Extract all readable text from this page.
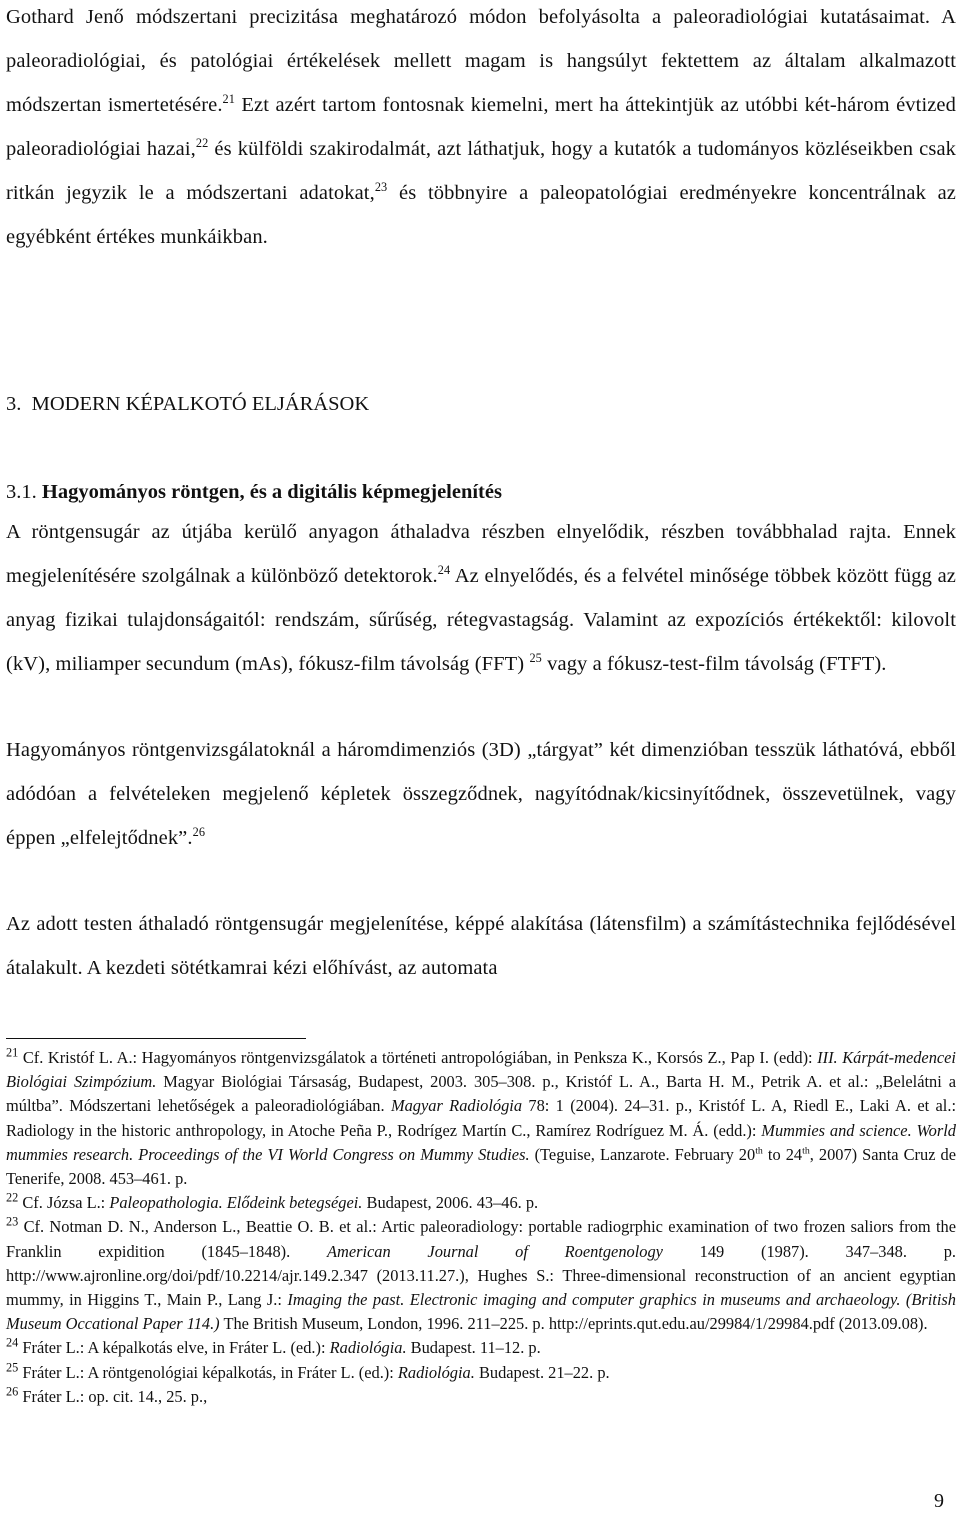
Gothard Jenő módszertani precizitása meghatározó módon befolyásolta a paleoradiológiai kutatásaimat. A paleoradiológiai, és patológiai értékelések mellett magam is hangsúlyt fektettem az általam alkalmazott módszertan ismertetésére.$^{21}$ Ezt azért tartom fontosnak kiemelni, mert ha áttekintjük az utóbbi két-három évtized paleoradiológiai hazai,$^{22}$ és külföldi szakirodalmát, azt láthatjuk, hogy a kutatók a tudományos közléseikben csak ritkán jegyzik le a módszertani adatokat,$^{23}$ és többnyire a paleopatológiai eredményekre koncentrálnak az egyébként értékes munkáikban.

3.  MODERN KÉPALKOTÓ ELJÁRÁSOK
3.1. Hagyományos röntgen, és a digitális képmegjelenítés

A röntgensugár az útjába kerülő anyagon áthaladva részben elnyelődik, részben továbbhalad rajta. Ennek megjelenítésére szolgálnak a különböző detektorok.$^{24}$ Az elnyelődés, és a felvétel minősége többek között függ az anyag fizikai tulajdonságaitól: rendszám, sűrűség, rétegvastagság. Valamint az expozíciós értékektől: kilovolt (kV), miliamper secundum (mAs), fókusz-film távolság (FFT) $^{25}$ vagy a fókusz-test-film távolság (FTFT).

Hagyományos röntgenvizsgálatoknál a háromdimenziós (3D) „tárgyat” két dimenzióban tesszük láthatóvá, ebből adódóan a felvételeken megjelenő képletek összegződnek, nagyítódnak/kicsinyítődnek, összevetülnek, vagy éppen „elfelejtődnek”.$^{26}$

Az adott testen áthaladó röntgensugár megjelenítése, képpé alakítása (látensfilm) a számítástechnika fejlődésével átalakult. A kezdeti sötétkamrai kézi előhívást, az automata

$^{21}$ Cf. Kristóf L. A.: Hagyományos röntgenvizsgálatok a történeti antropológiában, in Penksza K., Korsós Z., Pap I. (edd): III. Kárpát-medencei Biológiai Szimpózium. Magyar Biológiai Társaság, Budapest, 2003. 305–308. p., Kristóf L. A., Barta H. M., Petrik A. et al.: „Belelátni a múltba”. Módszertani lehetőségek a paleoradiológiában. Magyar Radiológia 78: 1 (2004). 24–31. p., Kristóf L. A, Riedl E., Laki A. et al.: Radiology in the historic anthropology, in Atoche Peña P., Rodrígez Martín C., Ramírez Rodríguez M. Á. (edd.): Mummies and science. World mummies research. Proceedings of the VI World Congress on Mummy Studies. (Teguise, Lanzarote. February 20th to 24th, 2007) Santa Cruz de Tenerife, 2008. 453–461. p.

$^{22}$ Cf. Józsa L.: Paleopathologia. Elődeink betegségei. Budapest, 2006. 43–46. p.

$^{23}$ Cf. Notman D. N., Anderson L., Beattie O. B. et al.: Artic paleoradiology: portable radiogrphic examination of two frozen saliors from the Franklin expidition (1845–1848). American Journal of Roentgenology 149 (1987). 347–348. p. http://www.ajronline.org/doi/pdf/10.2214/ajr.149.2.347 (2013.11.27.), Hughes S.: Three-dimensional reconstruction of an ancient egyptian mummy, in Higgins T., Main P., Lang J.: Imaging the past. Electronic imaging and computer graphics in museums and archaeology. (British Museum Occational Paper 114.) The British Museum, London, 1996. 211–225. p. http://eprints.qut.edu.au/29984/1/29984.pdf (2013.09.08).

$^{24}$ Fráter L.: A képalkotás elve, in Fráter L. (ed.): Radiológia. Budapest. 11–12. p.

$^{25}$ Fráter L.: A röntgenológiai képalkotás, in Fráter L. (ed.): Radiológia. Budapest. 21–22. p.

$^{26}$ Fráter L.: op. cit. 14., 25. p.,

9
